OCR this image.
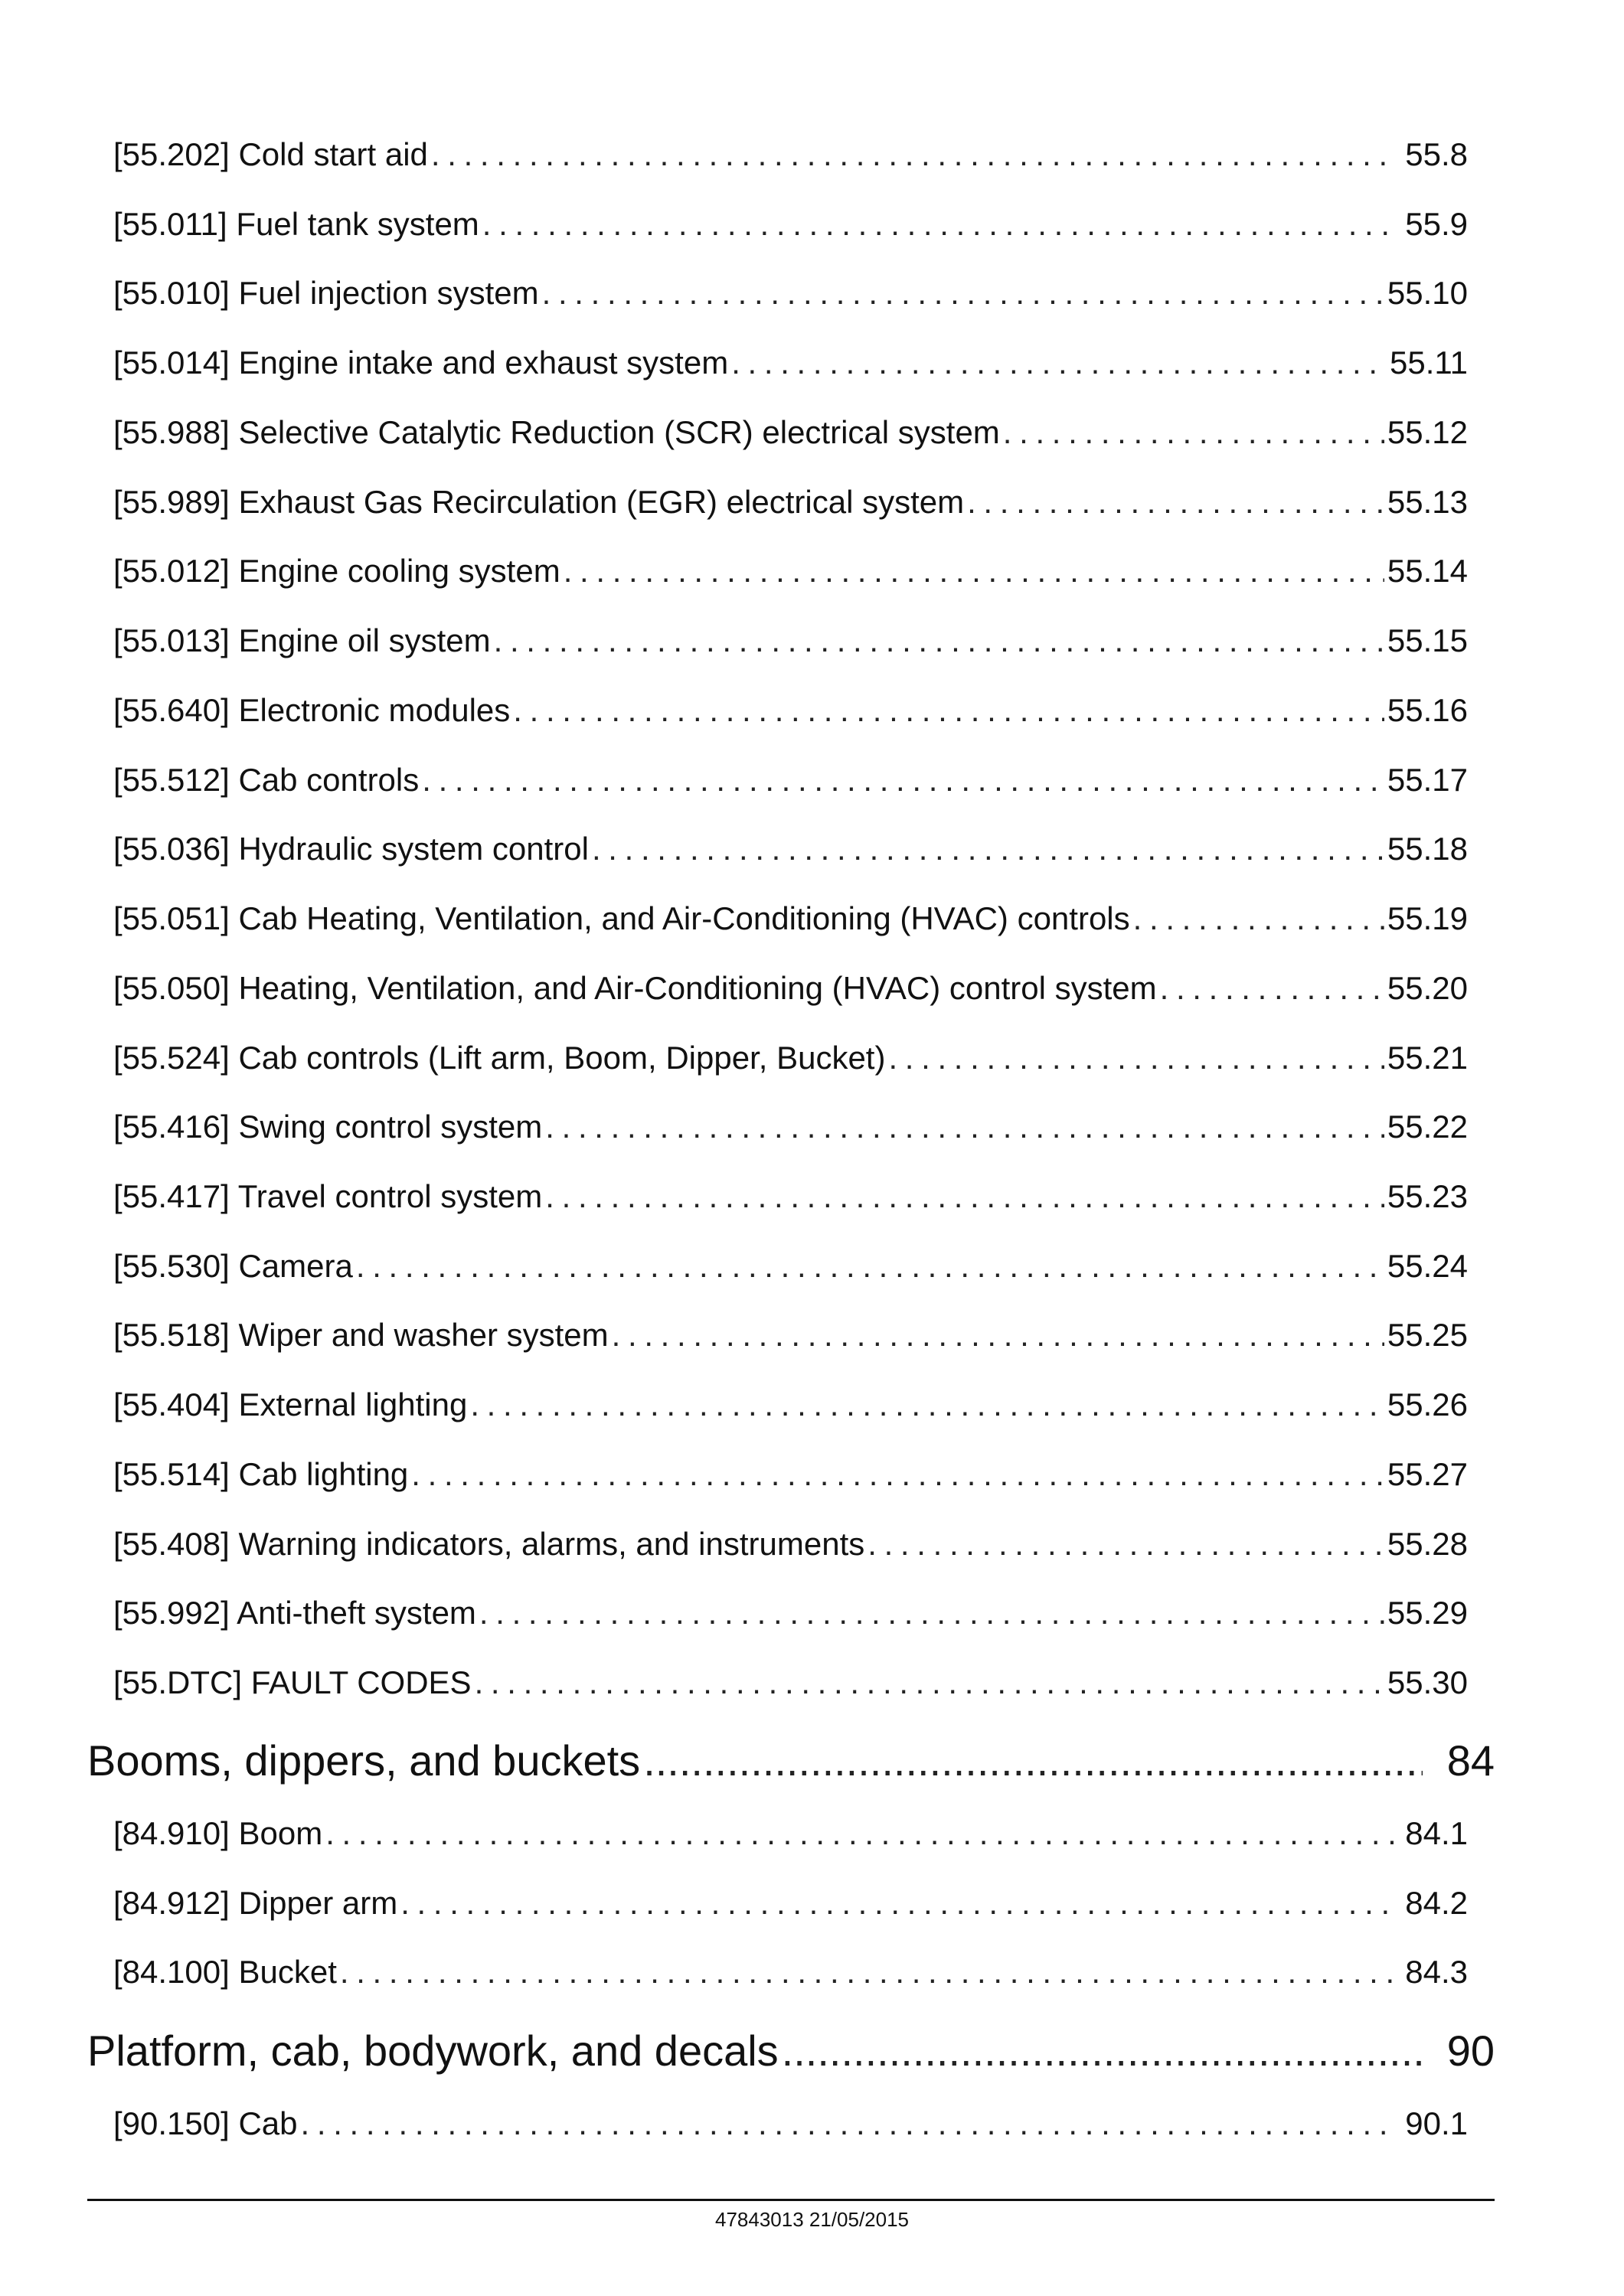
[55.202] Cold start aid . . .	55.8
[55.011] Fuel tank system . . .	55.9
[55.010] Fuel injection system . . .	55.10
[55.014] Engine intake and exhaust system . . .	55.11
[55.988] Selective Catalytic Reduction (SCR) electrical system . . .	55.12
[55.989] Exhaust Gas Recirculation (EGR) electrical system . . .	55.13
[55.012] Engine cooling system . . .	55.14
[55.013] Engine oil system . . .	55.15
[55.640] Electronic modules . . .	55.16
[55.512] Cab controls . . .	55.17
[55.036] Hydraulic system control . . .	55.18
[55.051] Cab Heating, Ventilation, and Air-Conditioning (HVAC) controls . . .	55.19
[55.050] Heating, Ventilation, and Air-Conditioning (HVAC) control system . . .	55.20
[55.524] Cab controls (Lift arm, Boom, Dipper, Bucket) . . .	55.21
[55.416] Swing control system . . .	55.22
[55.417] Travel control system . . .	55.23
[55.530] Camera . . .	55.24
[55.518] Wiper and washer system . . .	55.25
[55.404] External lighting . . .	55.26
[55.514] Cab lighting . . .	55.27
[55.408] Warning indicators, alarms, and instruments . . .	55.28
[55.992] Anti-theft system . . .	55.29
[55.DTC] FAULT CODES . . .	55.30
Booms, dippers, and buckets .....	84
[84.910] Boom . . .	84.1
[84.912] Dipper arm . . .	84.2
[84.100] Bucket . . .	84.3
Platform, cab, bodywork, and decals .....	90
[90.150] Cab . . .	90.1
47843013 21/05/2015
